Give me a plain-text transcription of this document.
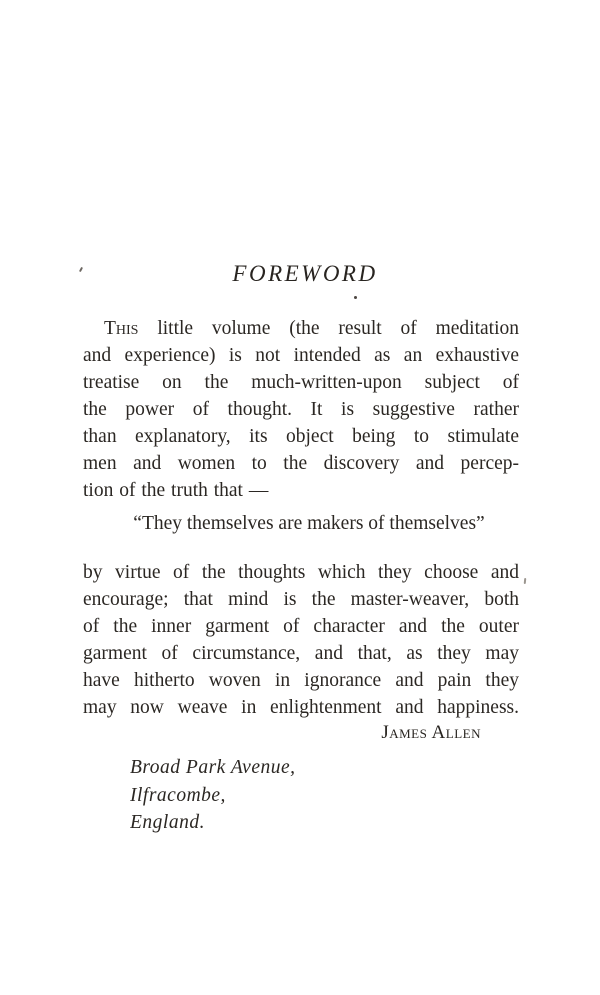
FOREWORD
This little volume (the result of meditation
and experience) is not intended as an exhaustive
treatise on the much-written-upon subject of
the power of thought. It is suggestive rather
than explanatory, its object being to stimulate
men and women to the discovery and percep-
tion of the truth that —
“They themselves are makers of themselves”
by virtue of the thoughts which they choose and
encourage; that mind is the master-weaver, both
of the inner garment of character and the outer
garment of circumstance, and that, as they may
have hitherto woven in ignorance and pain they
may now weave in enlightenment and happiness.
James Allen
Broad Park Avenue,
Ilfracombe,
England.
